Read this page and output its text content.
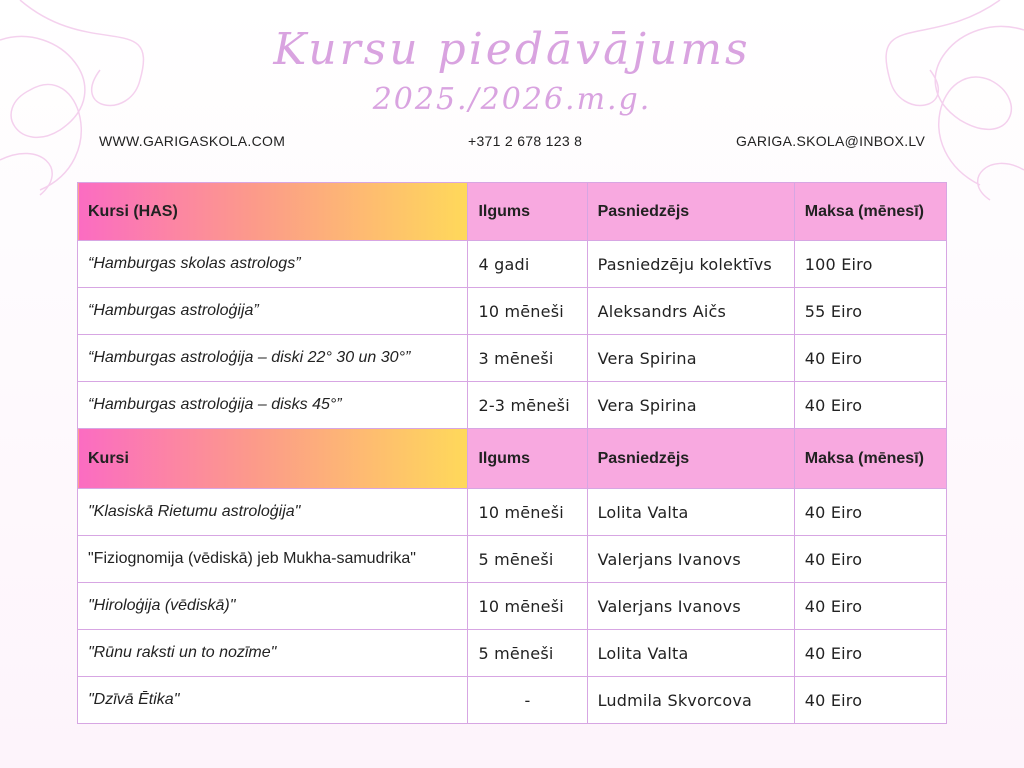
Kursu piedāvājums
2025./2026.m.g.
WWW.GARIGASKOLA.COM	+371 2 678 123 8	GARIGA.SKOLA@INBOX.LV
Kursi (HAS)	Ilgums	Pasniedzējs	Maksa (mēnesī)
“Hamburgas skolas astrologs”	4 gadi	Pasniedzēju kolektīvs	100 Eiro
“Hamburgas astroloģija”	10 mēneši	Aleksandrs Aičs	55 Eiro
“Hamburgas astroloģija – diski 22° 30 un 30°”	3 mēneši	Vera Spirina	40 Eiro
“Hamburgas astroloģija – disks 45°”	2-3 mēneši	Vera Spirina	40 Eiro
Kursi	Ilgums	Pasniedzējs	Maksa (mēnesī)
"Klasiskā Rietumu astroloģija"	10 mēneši	Lolita Valta	40 Eiro
"Fiziognomija (vēdiskā) jeb Mukha-samudrika"	5 mēneši	Valerjans Ivanovs	40 Eiro
"Hiroloģija (vēdiskā)"	10 mēneši	Valerjans Ivanovs	40 Eiro
"Rūnu raksti un to nozīme"	5 mēneši	Lolita Valta	40 Eiro
"Dzīvā Ētika"	-	Ludmila Skvorcova	40 Eiro
